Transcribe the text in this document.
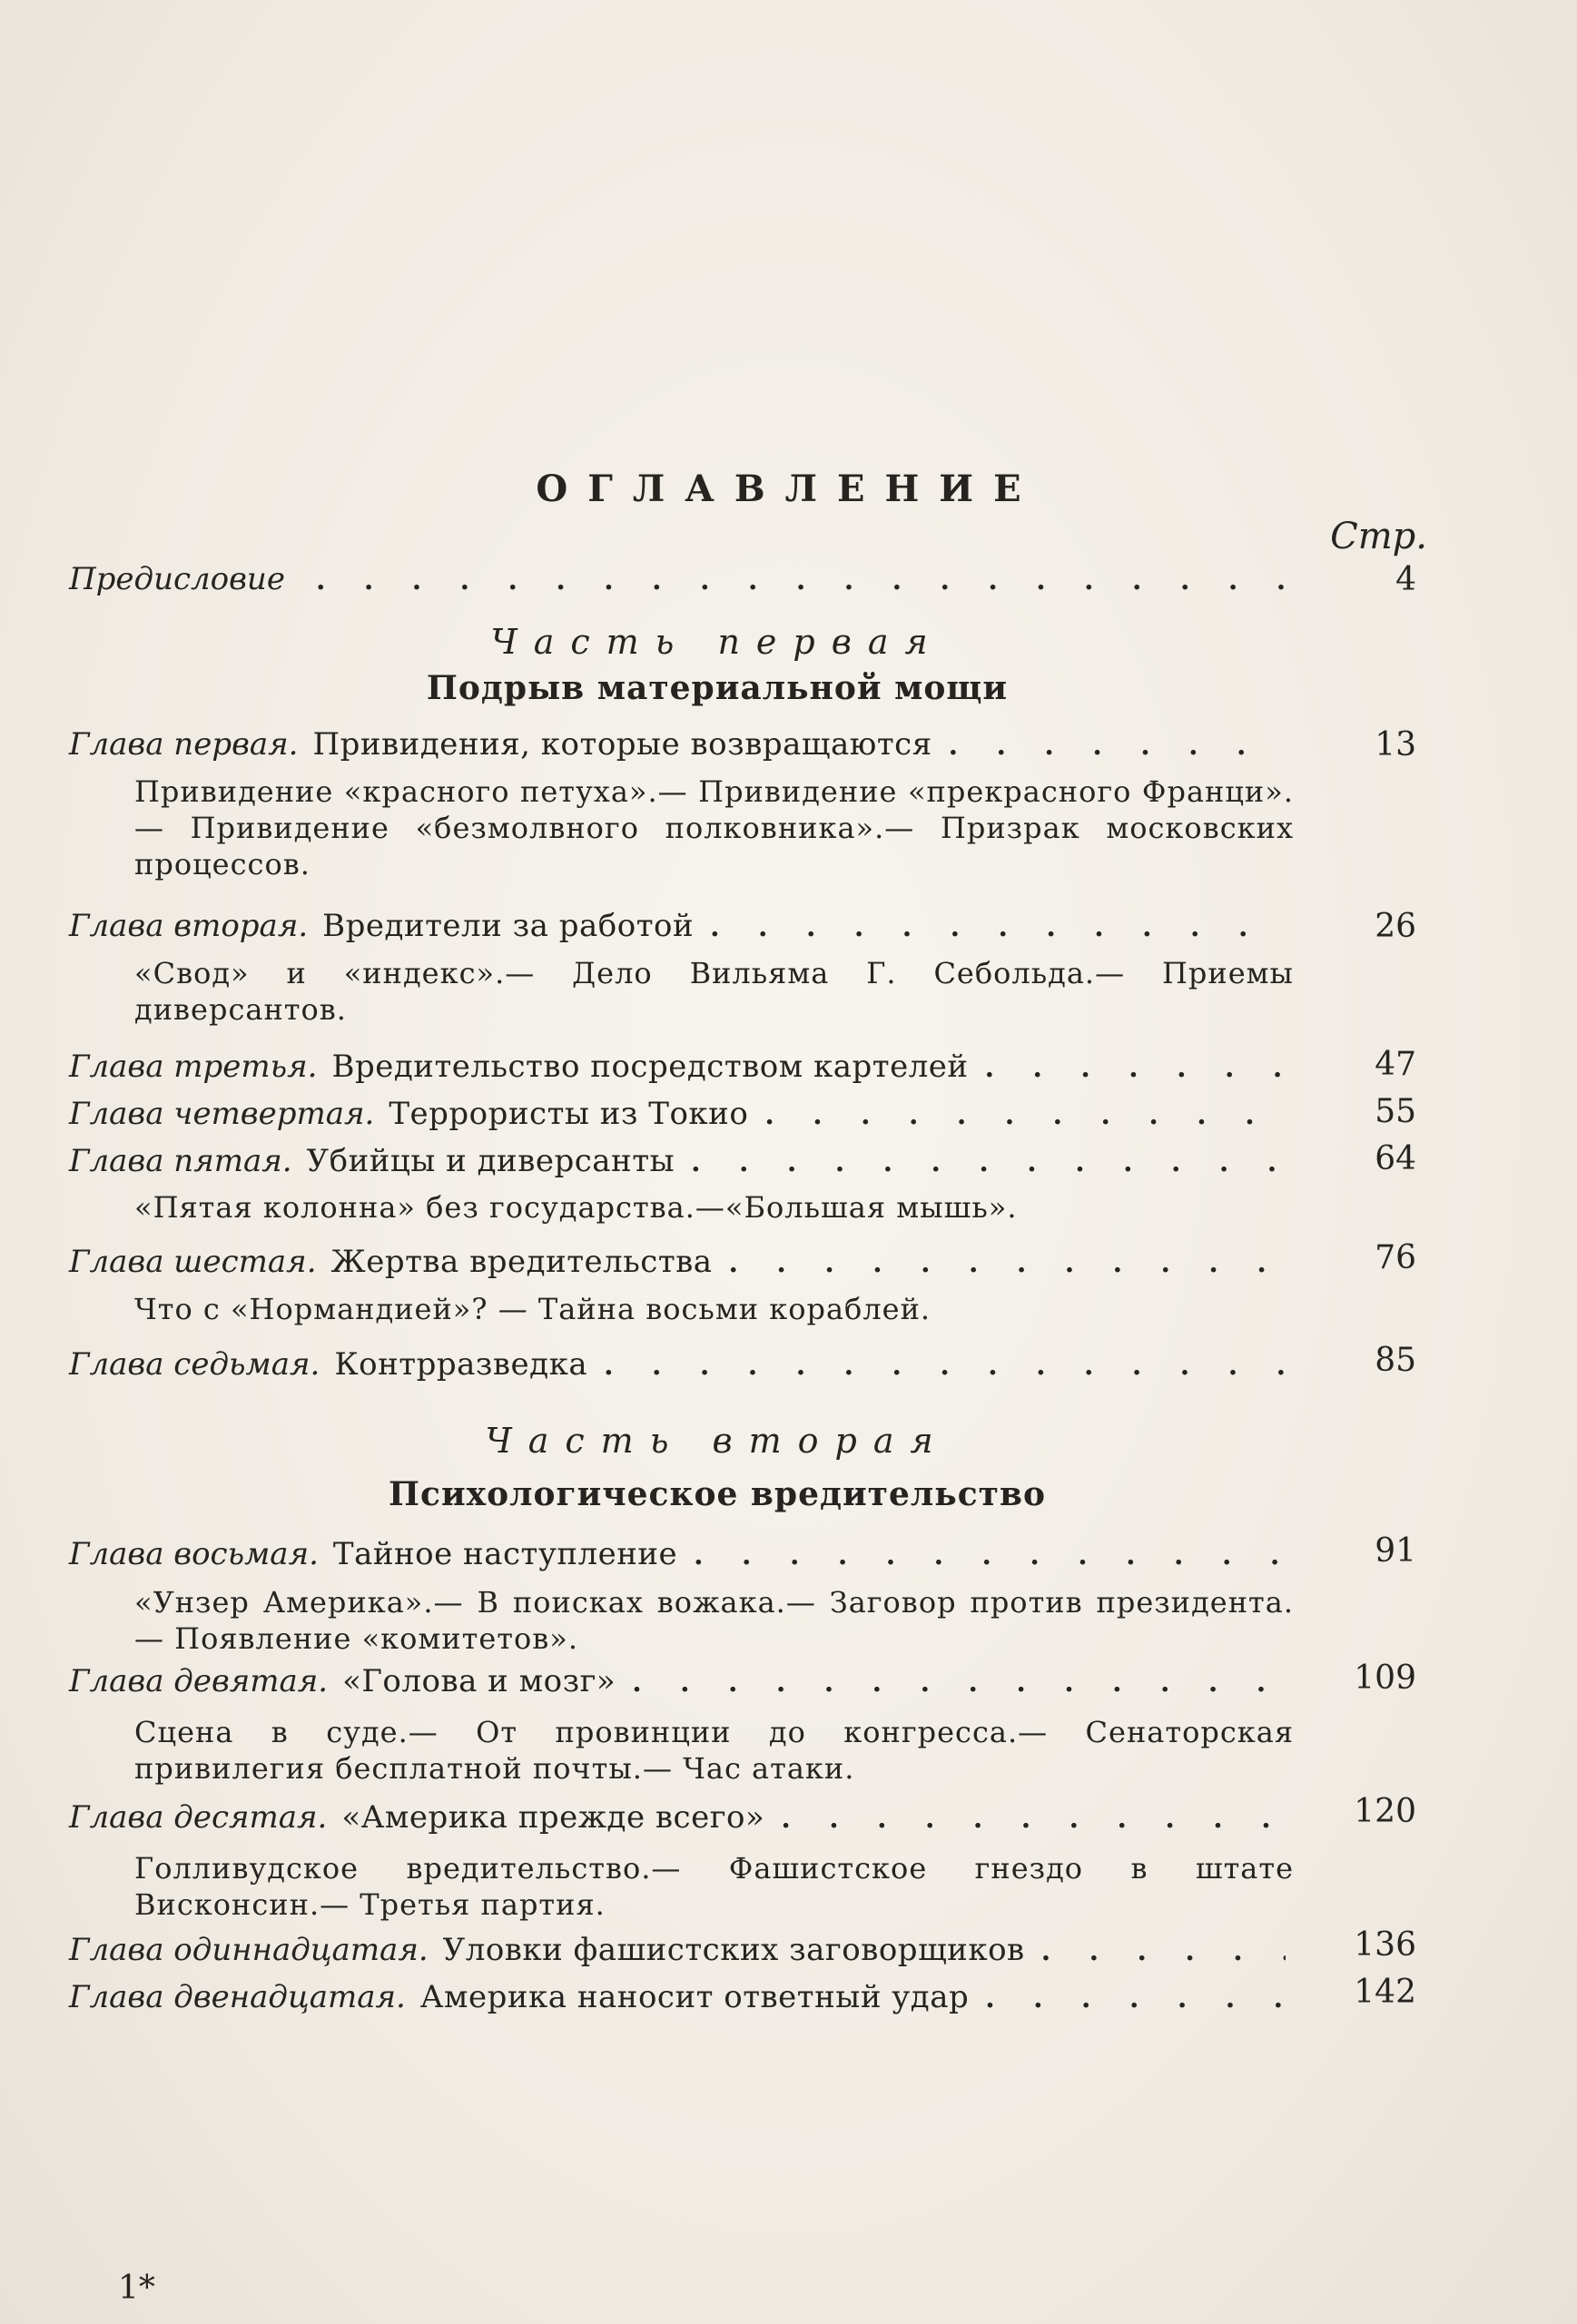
ОГЛАВЛЕНИЕ
Стр.
Предисловие . . .	4
Часть первая
Подрыв материальной мощи
Глава первая. Привидения, которые возвращаются . . .	13
Привидение «красного петуха».— Привидение «прекрасного Франци».— Привидение «безмолвного полковника».— Призрак московских процессов.
Глава вторая. Вредители за работой . . .	26
«Свод» и «индекс».— Дело Вильяма Г. Себольда.— Приемы диверсантов.
Глава третья. Вредительство посредством картелей . . .	47
Глава четвертая. Террористы из Токио . . .	55
Глава пятая. Убийцы и диверсанты . . .	64
«Пятая колонна» без государства.—«Большая мышь».
Глава шестая. Жертва вредительства . . .	76
Что с «Нормандией»? — Тайна восьми кораблей.
Глава седьмая. Контрразведка . . .	85
Часть вторая
Психологическое вредительство
Глава восьмая. Тайное наступление . . .	91
«Унзер Америка».— В поисках вожака.— Заговор против президента.— Появление «комитетов».
Глава девятая. «Голова и мозг» . . .	109
Сцена в суде.— От провинции до конгресса.— Сенаторская привилегия бесплатной почты.— Час атаки.
Глава десятая. «Америка прежде всего» . . .	120
Голливудское вредительство.— Фашистское гнездо в штате Висконсин.— Третья партия.
Глава одиннадцатая. Уловки фашистских заговорщиков . . .	136
Глава двенадцатая. Америка наносит ответный удар . . .	142
1*
